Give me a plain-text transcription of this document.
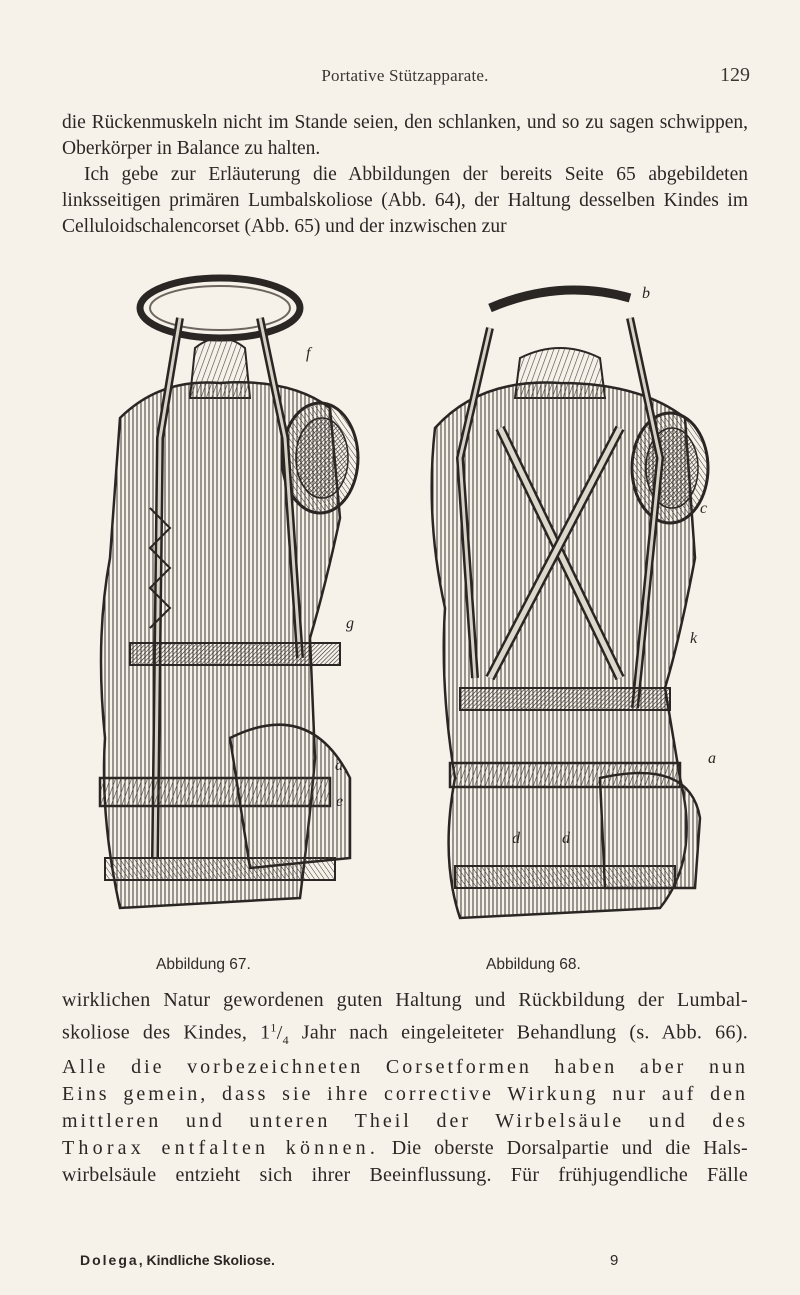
Portative Stützapparate.	129

die Rückenmuskeln nicht im Stande seien, den schlanken, und so zu sagen schwippen, Oberkörper in Balance zu halten.

Ich gebe zur Erläuterung die Abbildungen der bereits Seite 65 abgebildeten linksseitigen primären Lumbalskoliose (Abb. 64), der Haltung desselben Kindes im Celluloidschalencorset (Abb. 65) und der inzwischen zur

f
g
a
e
b
c
k
a
d	d
Abbildung 67.	Abbildung 68.
wirklichen Natur gewordenen guten Haltung und Rückbildung der Lumbal-
skoliose des Kindes, $1^1/_4$ Jahr nach eingeleiteter Behandlung (s. Abb. 66).
Alle die vorbezeichneten Corsetformen haben aber nun
Eins gemein, dass sie ihre corrective Wirkung nur auf den
mittleren und unteren Theil der Wirbelsäule und des
Thorax entfalten können. Die oberste Dorsalpartie und die Hals-
wirbelsäule entzieht sich ihrer Beeinflussung. Für frühjugendliche Fälle
Dolega, Kindliche Skoliose.	9
